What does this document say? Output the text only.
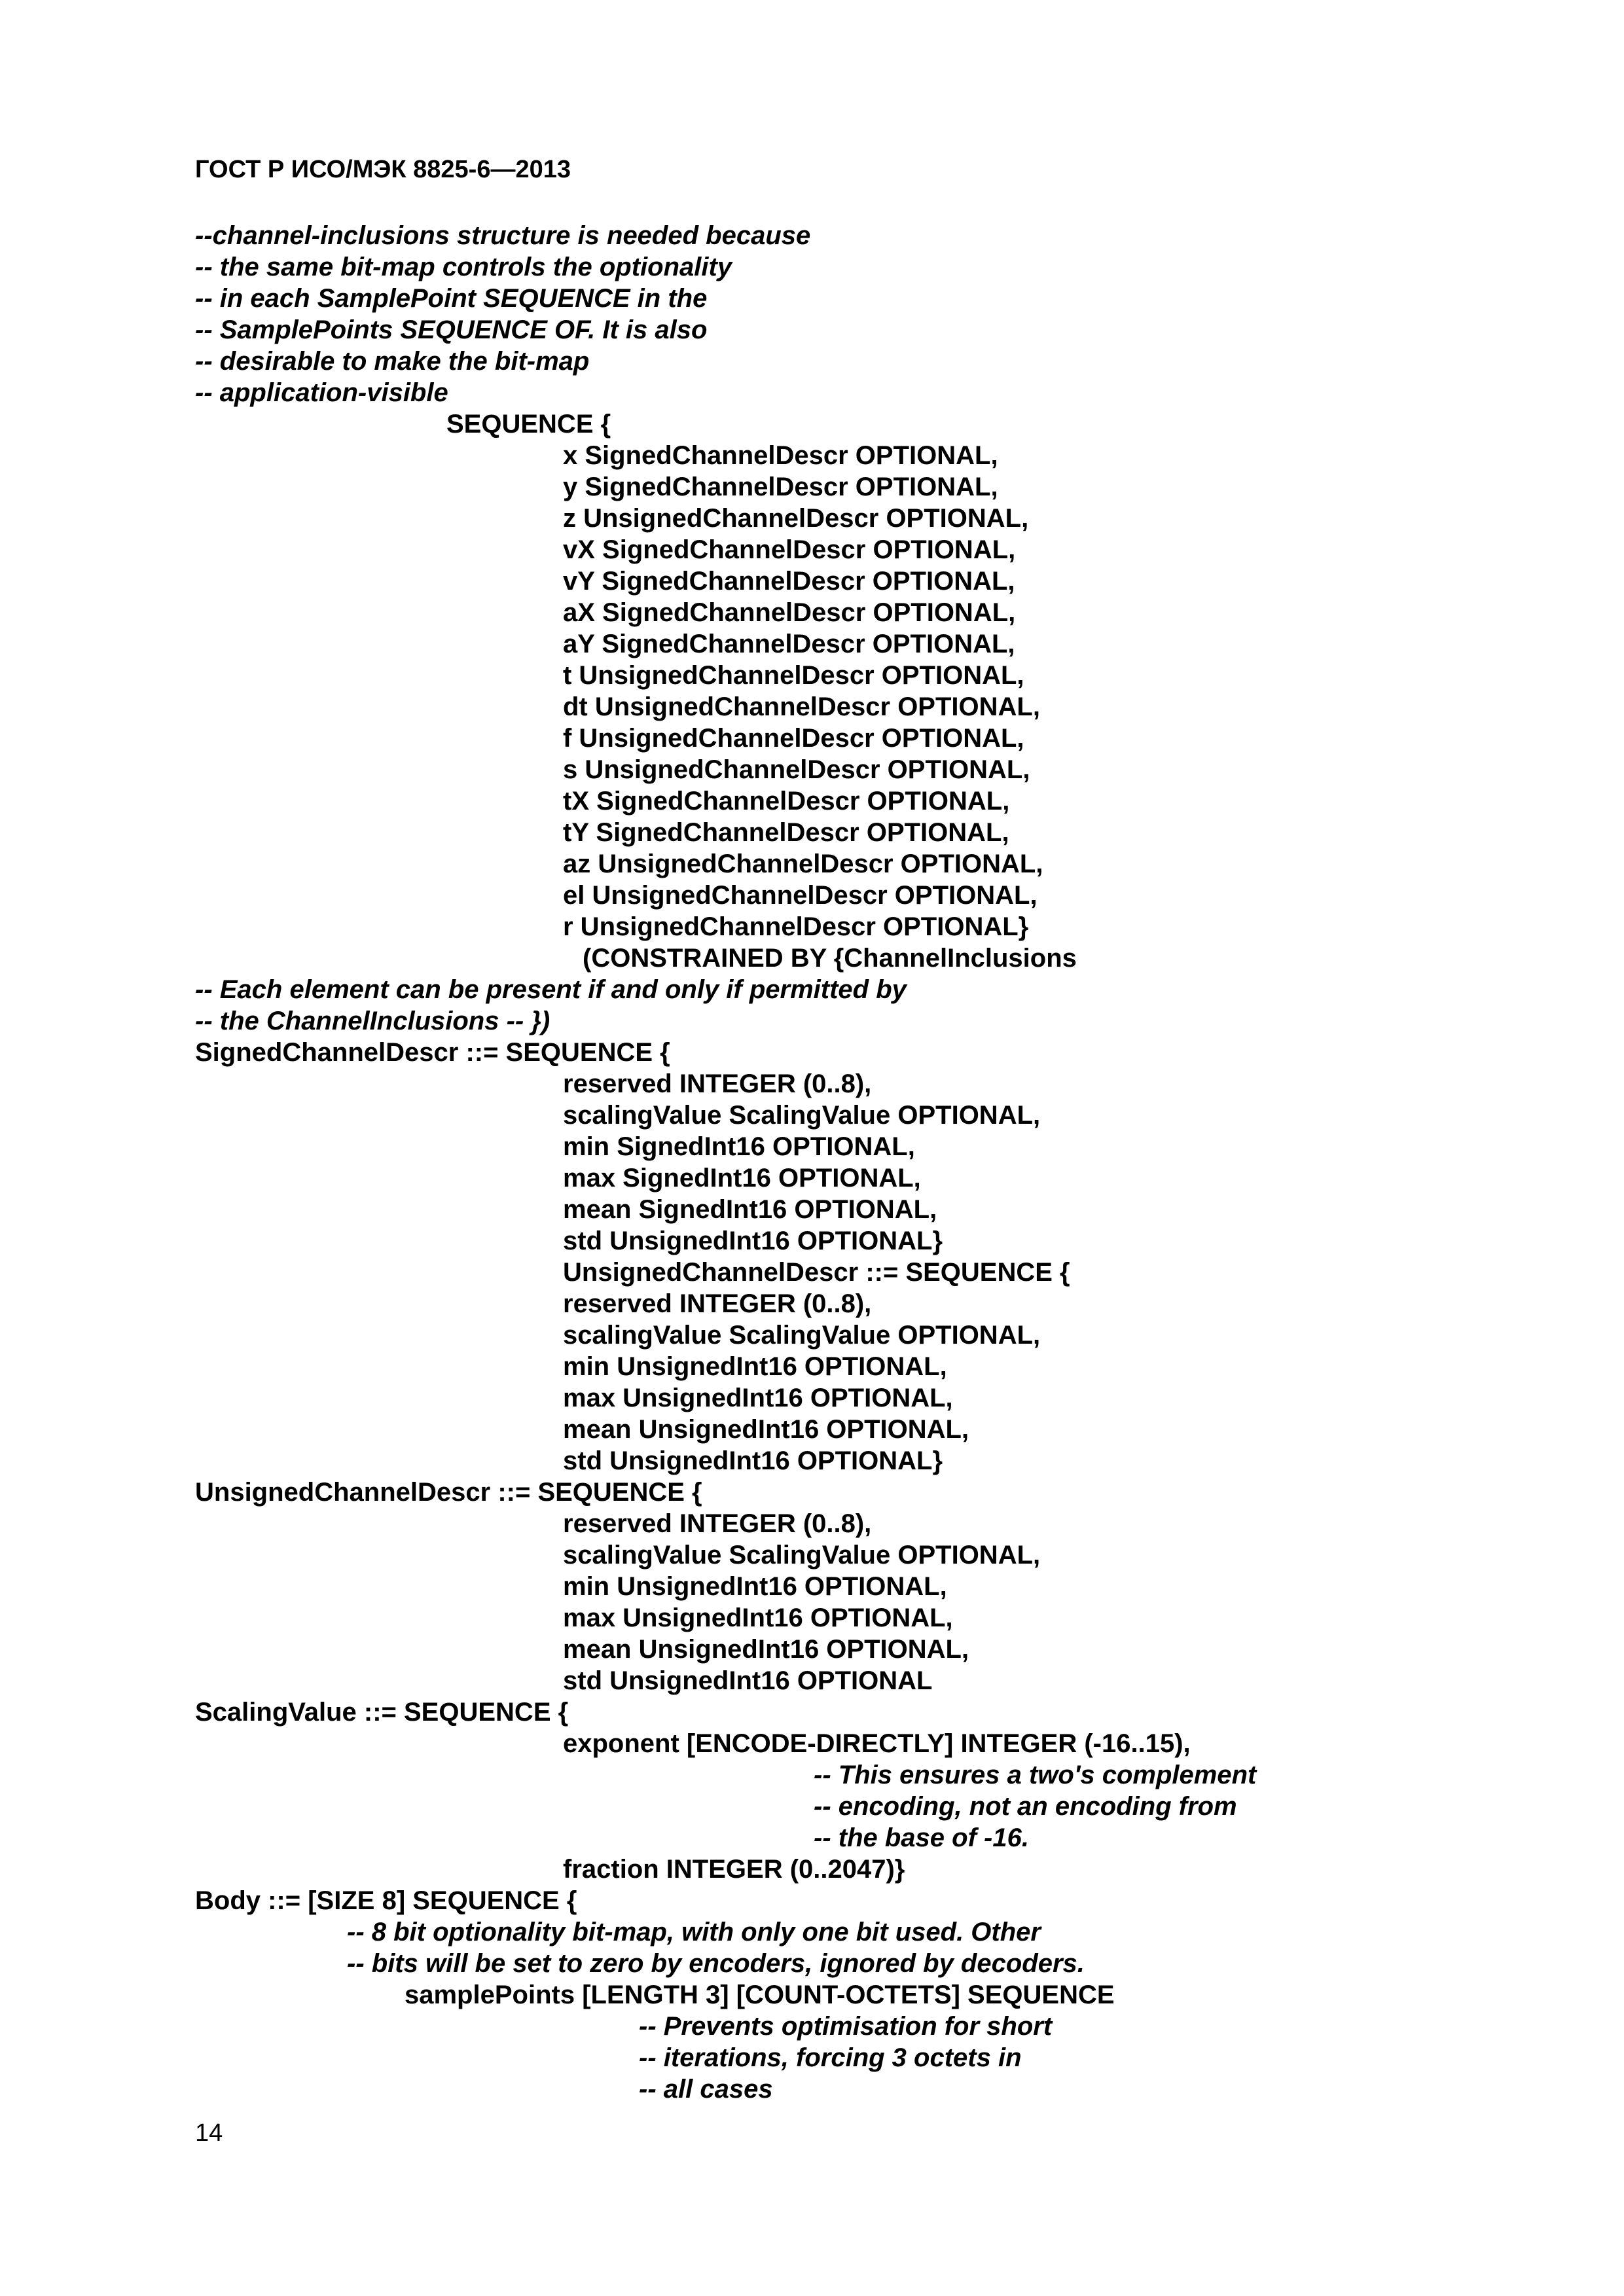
ГОСТ Р ИСО/МЭК 8825-6—2013
--channel-inclusions structure is needed because
-- the same bit-map controls the optionality
-- in each SamplePoint SEQUENCE in the
-- SamplePoints SEQUENCE OF. It is also
-- desirable to make the bit-map
-- application-visible
SEQUENCE {
x SignedChannelDescr OPTIONAL,
y SignedChannelDescr OPTIONAL,
z UnsignedChannelDescr OPTIONAL,
vX SignedChannelDescr OPTIONAL,
vY SignedChannelDescr OPTIONAL,
aX SignedChannelDescr OPTIONAL,
aY SignedChannelDescr OPTIONAL,
t UnsignedChannelDescr OPTIONAL,
dt UnsignedChannelDescr OPTIONAL,
f UnsignedChannelDescr OPTIONAL,
s UnsignedChannelDescr OPTIONAL,
tX SignedChannelDescr OPTIONAL,
tY SignedChannelDescr OPTIONAL,
az UnsignedChannelDescr OPTIONAL,
el UnsignedChannelDescr OPTIONAL,
r UnsignedChannelDescr OPTIONAL}
(CONSTRAINED BY {ChannelInclusions
-- Each element can be present if and only if permitted by
-- the ChannelInclusions -- })
SignedChannelDescr ::= SEQUENCE {
reserved INTEGER (0..8),
scalingValue ScalingValue OPTIONAL,
min SignedInt16 OPTIONAL,
max SignedInt16 OPTIONAL,
mean SignedInt16 OPTIONAL,
std UnsignedInt16 OPTIONAL}
UnsignedChannelDescr ::= SEQUENCE {
reserved INTEGER (0..8),
scalingValue ScalingValue OPTIONAL,
min UnsignedInt16 OPTIONAL,
max UnsignedInt16 OPTIONAL,
mean UnsignedInt16 OPTIONAL,
std UnsignedInt16 OPTIONAL}
UnsignedChannelDescr ::= SEQUENCE {
reserved INTEGER (0..8),
scalingValue ScalingValue OPTIONAL,
min UnsignedInt16 OPTIONAL,
max UnsignedInt16 OPTIONAL,
mean UnsignedInt16 OPTIONAL,
std UnsignedInt16 OPTIONAL
ScalingValue ::= SEQUENCE {
exponent [ENCODE-DIRECTLY] INTEGER (-16..15),
-- This ensures a two's complement
-- encoding, not an encoding from
-- the base of -16.
fraction INTEGER (0..2047)}
Body ::= [SIZE 8] SEQUENCE {
-- 8 bit optionality bit-map, with only one bit used. Other
-- bits will be set to zero by encoders, ignored by decoders.
samplePoints [LENGTH 3] [COUNT-OCTETS] SEQUENCE
-- Prevents optimisation for short
-- iterations, forcing 3 octets in
-- all cases
14
